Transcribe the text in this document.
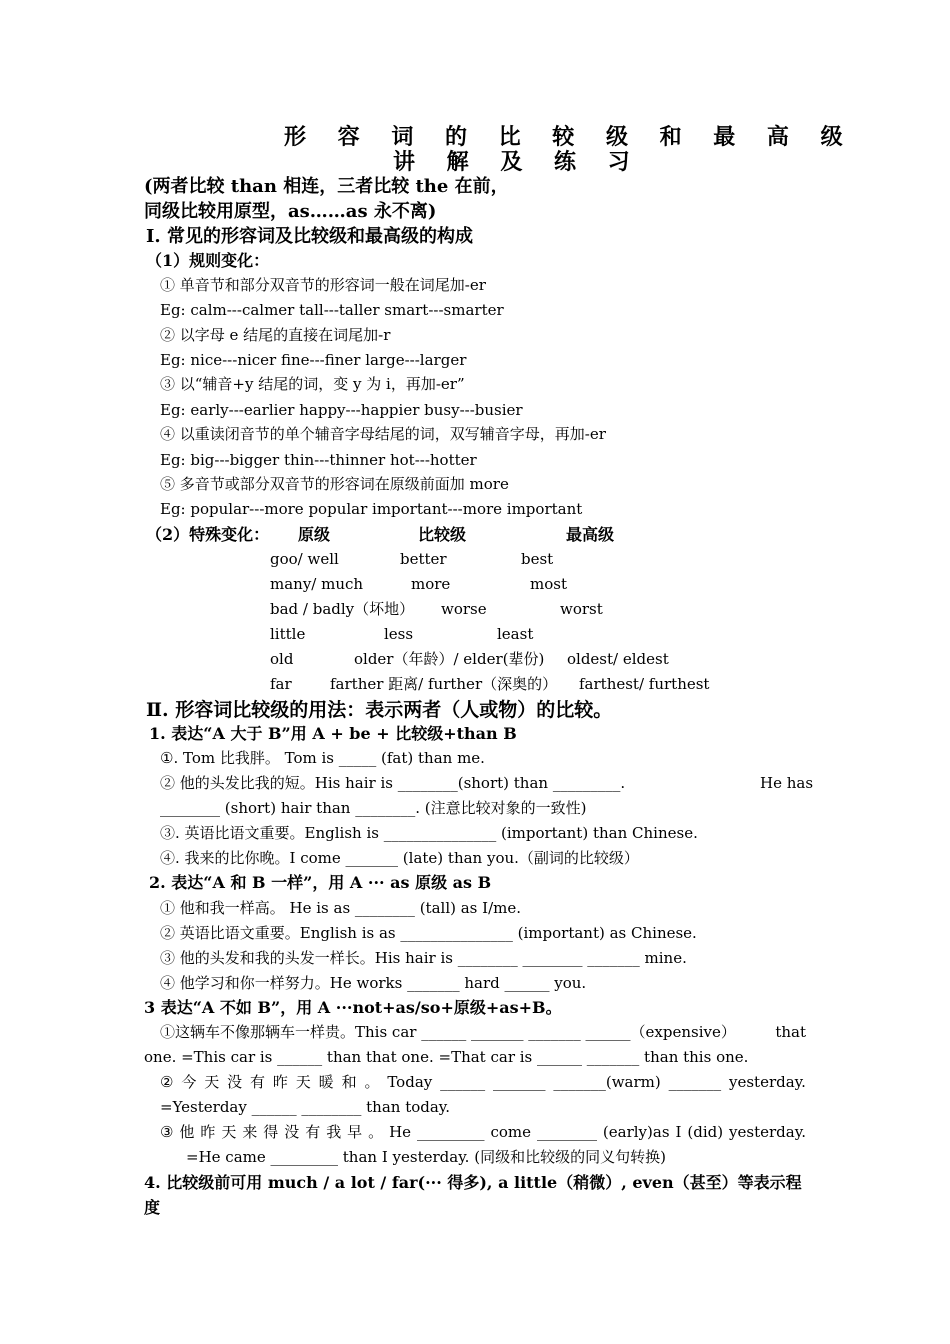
形 容 词 的 比 较 级 和 最 高 级
讲 解 及 练 习
(两者比较 than 相连，三者比较 the 在前，
同级比较用原型，as……as 永不离)
Ⅰ. 常见的形容词及比较级和最高级的构成
（1）规则变化：
① 单音节和部分双音节的形容词一般在词尾加-er
Eg: calm---calmer tall---taller smart---smarter
② 以字母 e 结尾的直接在词尾加-r
Eg: nice---nicer fine---finer large---larger
③ 以“辅音+y 结尾的词，变 y 为 i，再加-er”
Eg: early---earlier happy---happier busy---busier
④ 以重读闭音节的单个辅音字母结尾的词，双写辅音字母，再加-er
Eg: big---bigger thin---thinner hot---hotter
⑤ 多音节或部分双音节的形容词在原级前面加 more
Eg: popular---more popular important---more important
（2）特殊变化： 原级	比较级	最高级
goo/ well	better	best
many/ much	more	most
bad / badly（坏地） worse	worst
little	less	least
old	older（年龄）/ elder(辈份) oldest/ eldest
far	farther 距离/ further（深奥的） farthest/ furthest
Ⅱ. 形容词比较级的用法：表示两者（人或物）的比较。
1. 表达“A 大于 B”用 A + be + 比较级+than B
①. Tom 比我胖。 Tom is _____ (fat) than me.
② 他的头发比我的短。His hair is ________(short) than _________.	He has
________ (short) hair than ________. (注意比较对象的一致性)
③. 英语比语文重要。English is _______________ (important) than Chinese.
④. 我来的比你晚。I come _______ (late) than you.（副词的比较级）
2. 表达“A 和 B 一样”，用 A ··· as 原级 as B
① 他和我一样高。 He is as ________ (tall) as I/me.
② 英语比语文重要。English is as _______________ (important) as Chinese.
③ 他的头发和我的头发一样长。His hair is ________ ________ _______ mine.
④ 他学习和你一样努力。He works _______ hard ______ you.
3 表达“A 不如 B”，用 A ···not+as/so+原级+as+B。
①这辆车不像那辆车一样贵。This car ______ _______ _______ ______（expensive）	that
one. =This car is ______ than that one. =That car is ______ _______ than this one.
② 今 天 没 有 昨 天 暖 和 。 Today ______ _______ _______(warm) _______ yesterday.
=Yesterday ______ ________ than today.
③ 他 昨 天 来 得 没 有 我 早 。 He _________ come ________ (early)as I (did) yesterday.
=He came _________ than I yesterday. (同级和比较级的同义句转换)
4. 比较级前可用 much / a lot / far(··· 得多), a little（稍微）, even（甚至）等表示程
度
